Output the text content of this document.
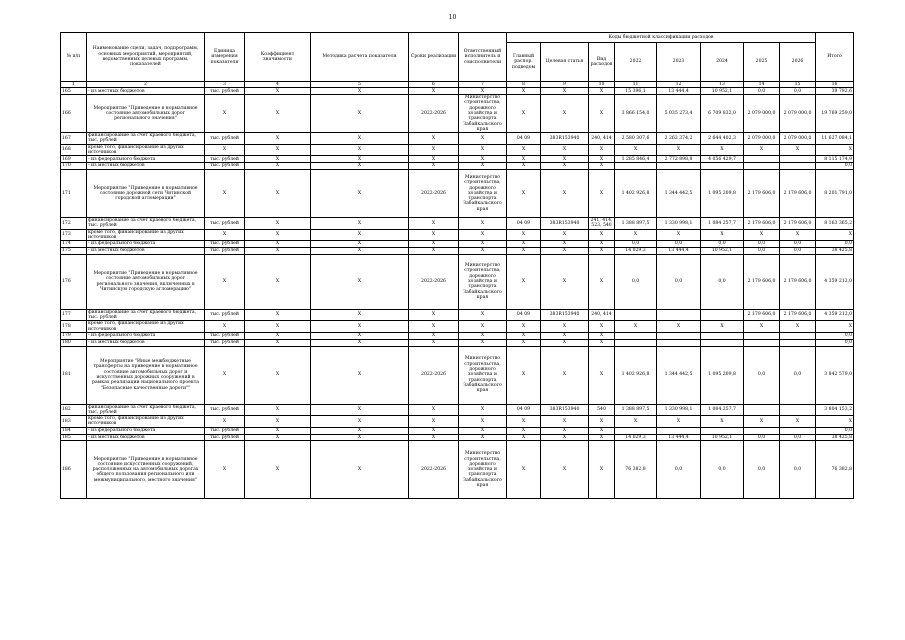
10
№ п/п	Наименование сцели, задач, подпрограмм, основных мероприятий, мероприятий, ведомственных целевых программ, показателей	Единица измерения показателя	Коэффициент значимости	Методика расчета показателя	Сроки реализации	Ответственный исполнитель и соисполнители	Коды бюджетной классификации расходов								Итого
							Главный распор. подведом	Целевая статья	Вид расходов	2022	2023	2024	2025	2026	
1	2	3	4	5	6	7	8	9	10	11	12	13	14	15	16
165	- из местных бюджетов	тыс. рублей	X	X	X	X	X	X	X	15 396,1	13 444,4	10 952,1	0,0	0,0	39 792,6
166	Мероприятие "Приведение в нормативное состояние автомобильных дорог регионального значения"	X	X	X	2022-2026	Министерство строительства, дорожного хозяйства и транспорта Забайкальского края	X	X	X	3 866 154,0	5 035 273,4	6 709 832,0	2 079 000,0	2 079 000,0	19 769 259,0
167	финансирование за счет краевого бюджета, тыс. рублей	тыс. рублей	X	X	X	X	04 09	383R153940	240, 414	2 580 307,6	2 262 374,2	2 644 402,3	2 079 000,0	2 079 000,0	11 627 084,1
168	кроме того, финансирование из других источников	X	X	X	X	X	X	X	X	X	X	X	X	X	X
169	- из федерального бюджета	тыс. рублей	X	X	X	X	X	X	X	1 285 846,4	2 772 898,8	4 056 429,7			8 115 174,9
170	- из местных бюджетов	тыс. рублей	X	X	X	X	X	X	X						0,0
171	Мероприятие "Приведение в нормативное состояние дорожной сети Читинской городской агломерации"	X	X	X	2022-2026	Министерство строительства, дорожного хозяйства и транспорта Забайкальского края	X	X	X	1 402 926,8	1 344 442,5	1 095 209,8	2 179 606,0	2 179 606,0	8 201 791,0
172	финансирование за счет краевого бюджета, тыс. рублей	тыс. рублей	X	X	X	X	04 09	383R153940	241, 414, 523, 540	1 388 897,5	1 330 998,1	1 084 257,7	2 179 606,0	2 179 606,0	8 163 365,2
173	кроме того, финансирование из других источников	X	X	X	X	X	X	X	X	X	X	X	X	X	X
174	- из федерального бюджета	тыс. рублей	X	X	X	X	X	X	X	0,0	0,0	0,0	0,0	0,0	0,0
175	- из местных бюджетов	тыс. рублей	X	X	X	X	X	X	X	14 029,3	13 444,4	10 952,1	0,0	0,0	38 425,8
176	Мероприятие "Приведение в нормативное состояние автомобильных дорог регионального значения, включенных в Читинскую городскую агломерацию"	X	X	X	2022-2026	Министерство строительства, дорожного хозяйства и транспорта Забайкальского края	X	X	X	0,0	0,0	0,0	2 179 606,0	2 179 606,0	4 359 212,0
177	финансирование за счет краевого бюджета, тыс. рублей	тыс. рублей	X	X	X	X	04 09	383R153940	240, 414				2 179 606,0	2 179 606,0	4 359 212,0
178	кроме того, финансирование из других источников	X	X	X	X	X	X	X	X	X	X	X	X	X	X
179	- из федерального бюджета	тыс. рублей	X	X	X	X	X	X	X						0,0
180	- из местных бюджетов	тыс. рублей	X	X	X	X	X	X	X						0,0
181	Мероприятие "Иные межбюджетные трансферты на приведение в нормативное состояние автомобильных дорог и искусственных дорожных сооружений в рамках реализации национального проекта "Безопасные качественные дороги""	X	X	X	2022-2026	Министерство строительства, дорожного хозяйства и транспорта Забайкальского края	X	X	X	1 402 926,8	1 344 442,5	1 095 209,8	0,0	0,0	3 842 579,0
182	финансирование за счет краевого бюджета, тыс. рублей	тыс. рублей	X	X	X	X	04 09	383R153940	540	1 388 897,5	1 330 998,1	1 084 257,7			3 804 153,2
183	кроме того, финансирование из других источников	X	X	X	X	X	X	X	X	X	X	X	X	X	X
184	- из федерального бюджета	тыс. рублей	X	X	X	X	X	X	X						0,0
185	- из местных бюджетов	тыс. рублей	X	X	X	X	X	X	X	14 029,3	13 444,4	10 952,1	0,0	0,0	38 425,8
186	Мероприятие "Приведение в нормативное состояние искусственных сооружений, расположенных на автомобильных дорогах общего пользования регионального или межмуниципального, местного значения"	X	X	X	2022-2026	Министерство строительства, дорожного хозяйства и транспорта Забайкальского края	X	X	X	76 382,8	0,0	0,0	0,0	0,0	76 382,8
